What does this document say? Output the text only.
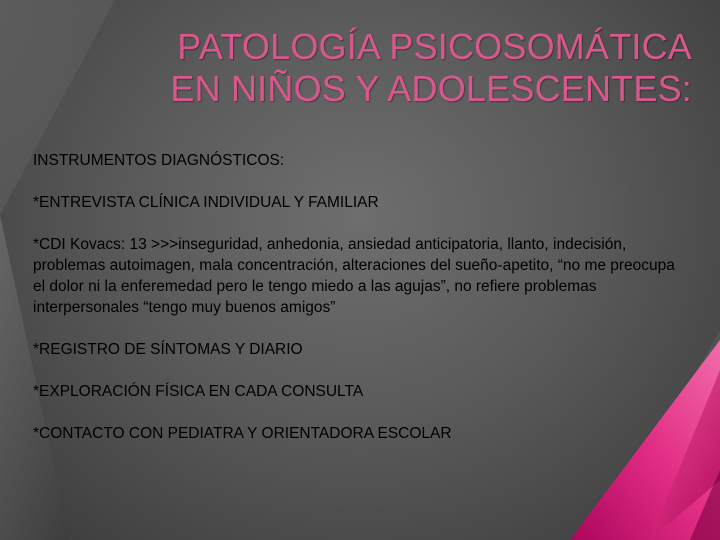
PATOLOGÍA PSICOSOMÁTICA
EN NIÑOS Y ADOLESCENTES:

INSTRUMENTOS DIAGNÓSTICOS:

*ENTREVISTA CLÍNICA INDIVIDUAL Y FAMILIAR

*CDI Kovacs: 13 >>>inseguridad, anhedonia, ansiedad anticipatoria, llanto, indecisión, problemas autoimagen, mala concentración, alteraciones del sueño-apetito, “no me preocupa el dolor ni la enferemedad pero le tengo miedo a las agujas”, no refiere problemas interpersonales “tengo muy buenos amigos”

*REGISTRO DE SÍNTOMAS Y DIARIO

*EXPLORACIÓN FÍSICA EN CADA CONSULTA

*CONTACTO CON PEDIATRA Y ORIENTADORA ESCOLAR
